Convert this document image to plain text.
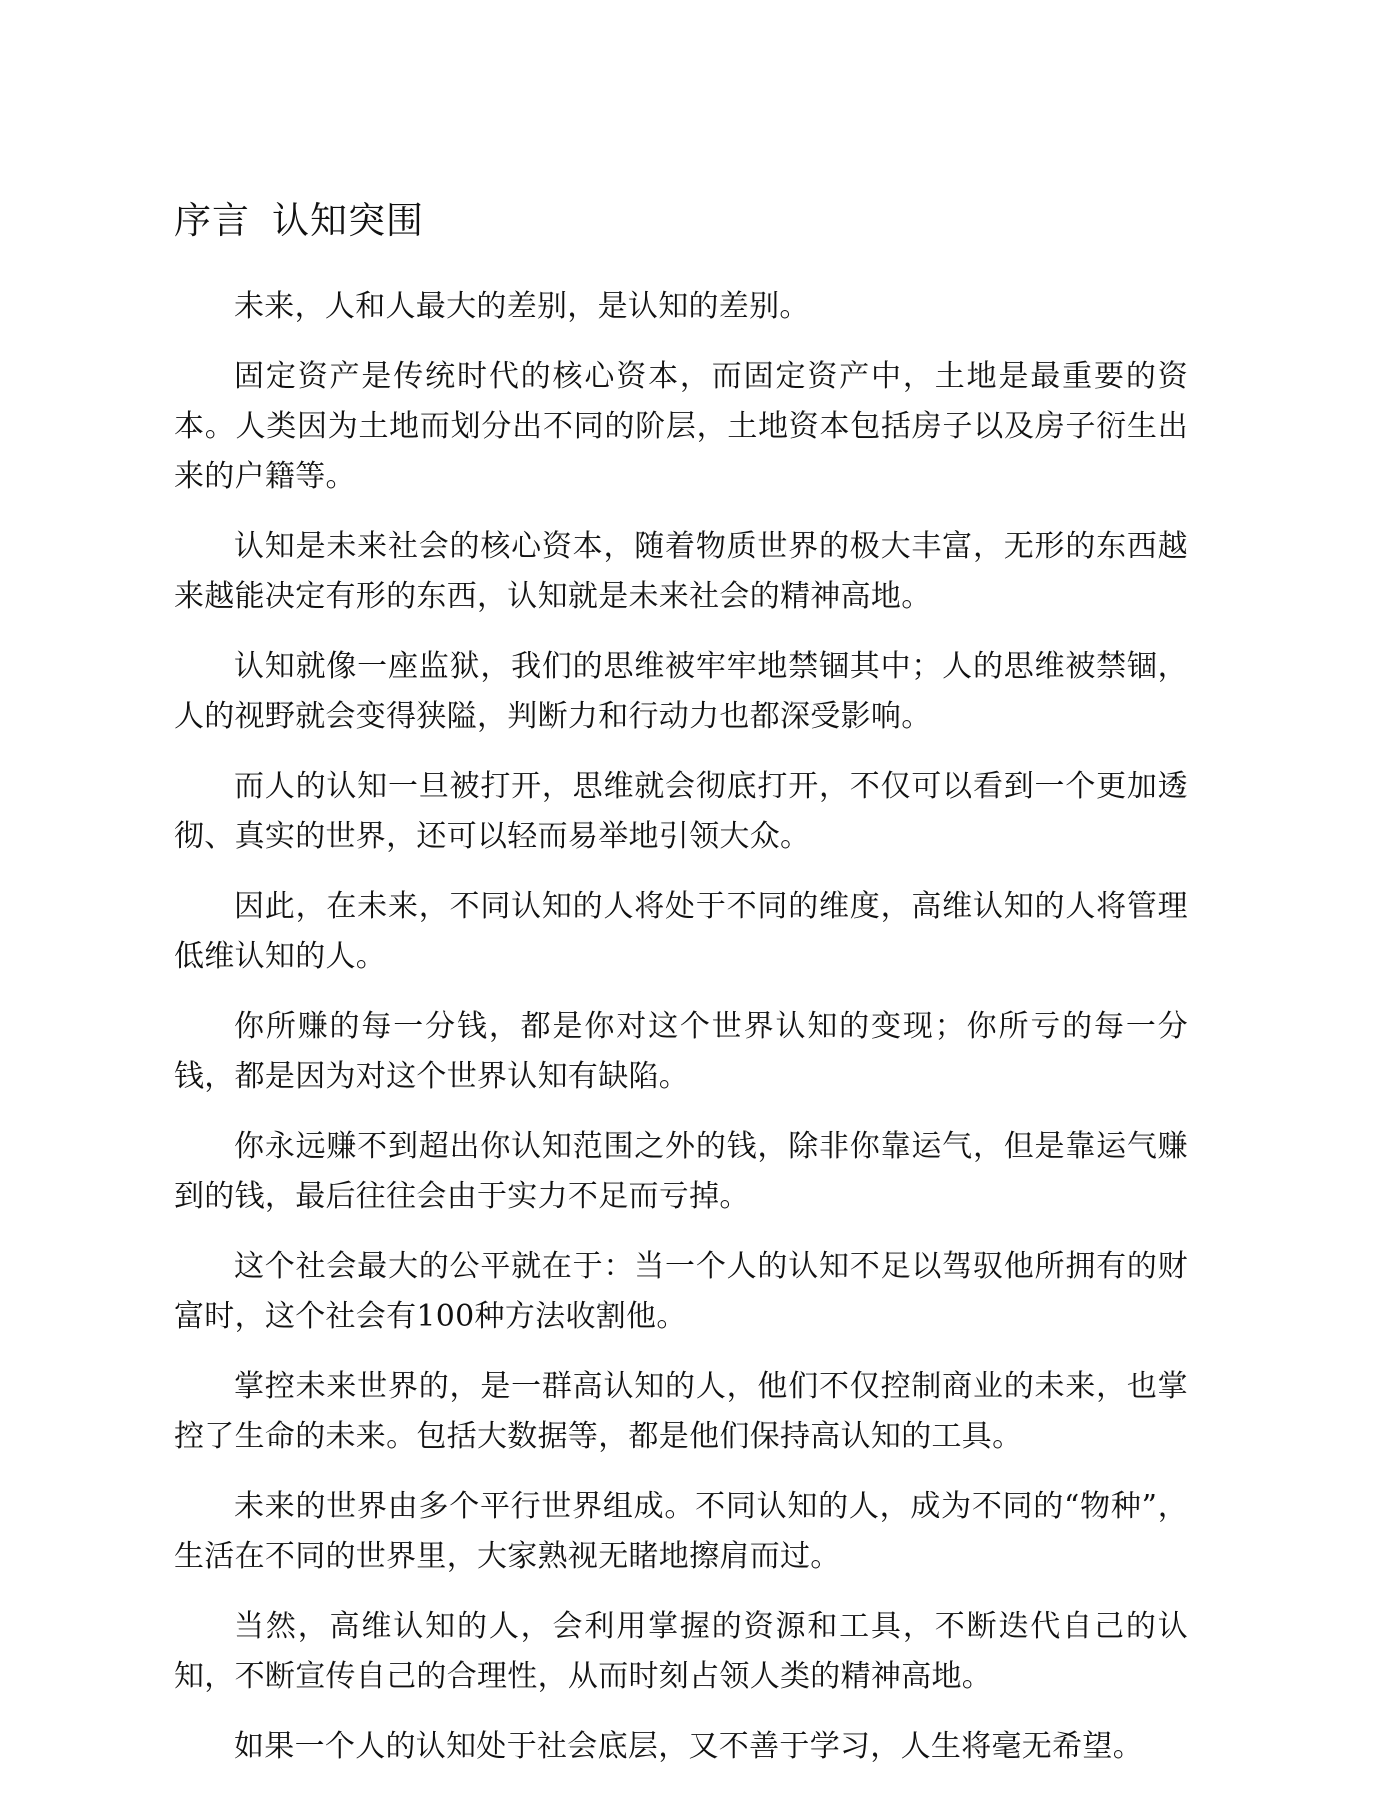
序言 认知突围

未来，人和人最大的差别，是认知的差别。

固定资产是传统时代的核心资本，而固定资产中，土地是最重要的资本。人类因为土地而划分出不同的阶层，土地资本包括房子以及房子衍生出来的户籍等。

认知是未来社会的核心资本，随着物质世界的极大丰富，无形的东西越来越能决定有形的东西，认知就是未来社会的精神高地。

认知就像一座监狱，我们的思维被牢牢地禁锢其中；人的思维被禁锢，人的视野就会变得狭隘，判断力和行动力也都深受影响。

而人的认知一旦被打开，思维就会彻底打开，不仅可以看到一个更加透彻、真实的世界，还可以轻而易举地引领大众。

因此，在未来，不同认知的人将处于不同的维度，高维认知的人将管理低维认知的人。

你所赚的每一分钱，都是你对这个世界认知的变现；你所亏的每一分钱，都是因为对这个世界认知有缺陷。

你永远赚不到超出你认知范围之外的钱，除非你靠运气，但是靠运气赚到的钱，最后往往会由于实力不足而亏掉。

这个社会最大的公平就在于：当一个人的认知不足以驾驭他所拥有的财富时，这个社会有100种方法收割他。

掌控未来世界的，是一群高认知的人，他们不仅控制商业的未来，也掌控了生命的未来。包括大数据等，都是他们保持高认知的工具。

未来的世界由多个平行世界组成。不同认知的人，成为不同的“物种”，生活在不同的世界里，大家熟视无睹地擦肩而过。

当然，高维认知的人，会利用掌握的资源和工具，不断迭代自己的认知，不断宣传自己的合理性，从而时刻占领人类的精神高地。

如果一个人的认知处于社会底层，又不善于学习，人生将毫无希望。
